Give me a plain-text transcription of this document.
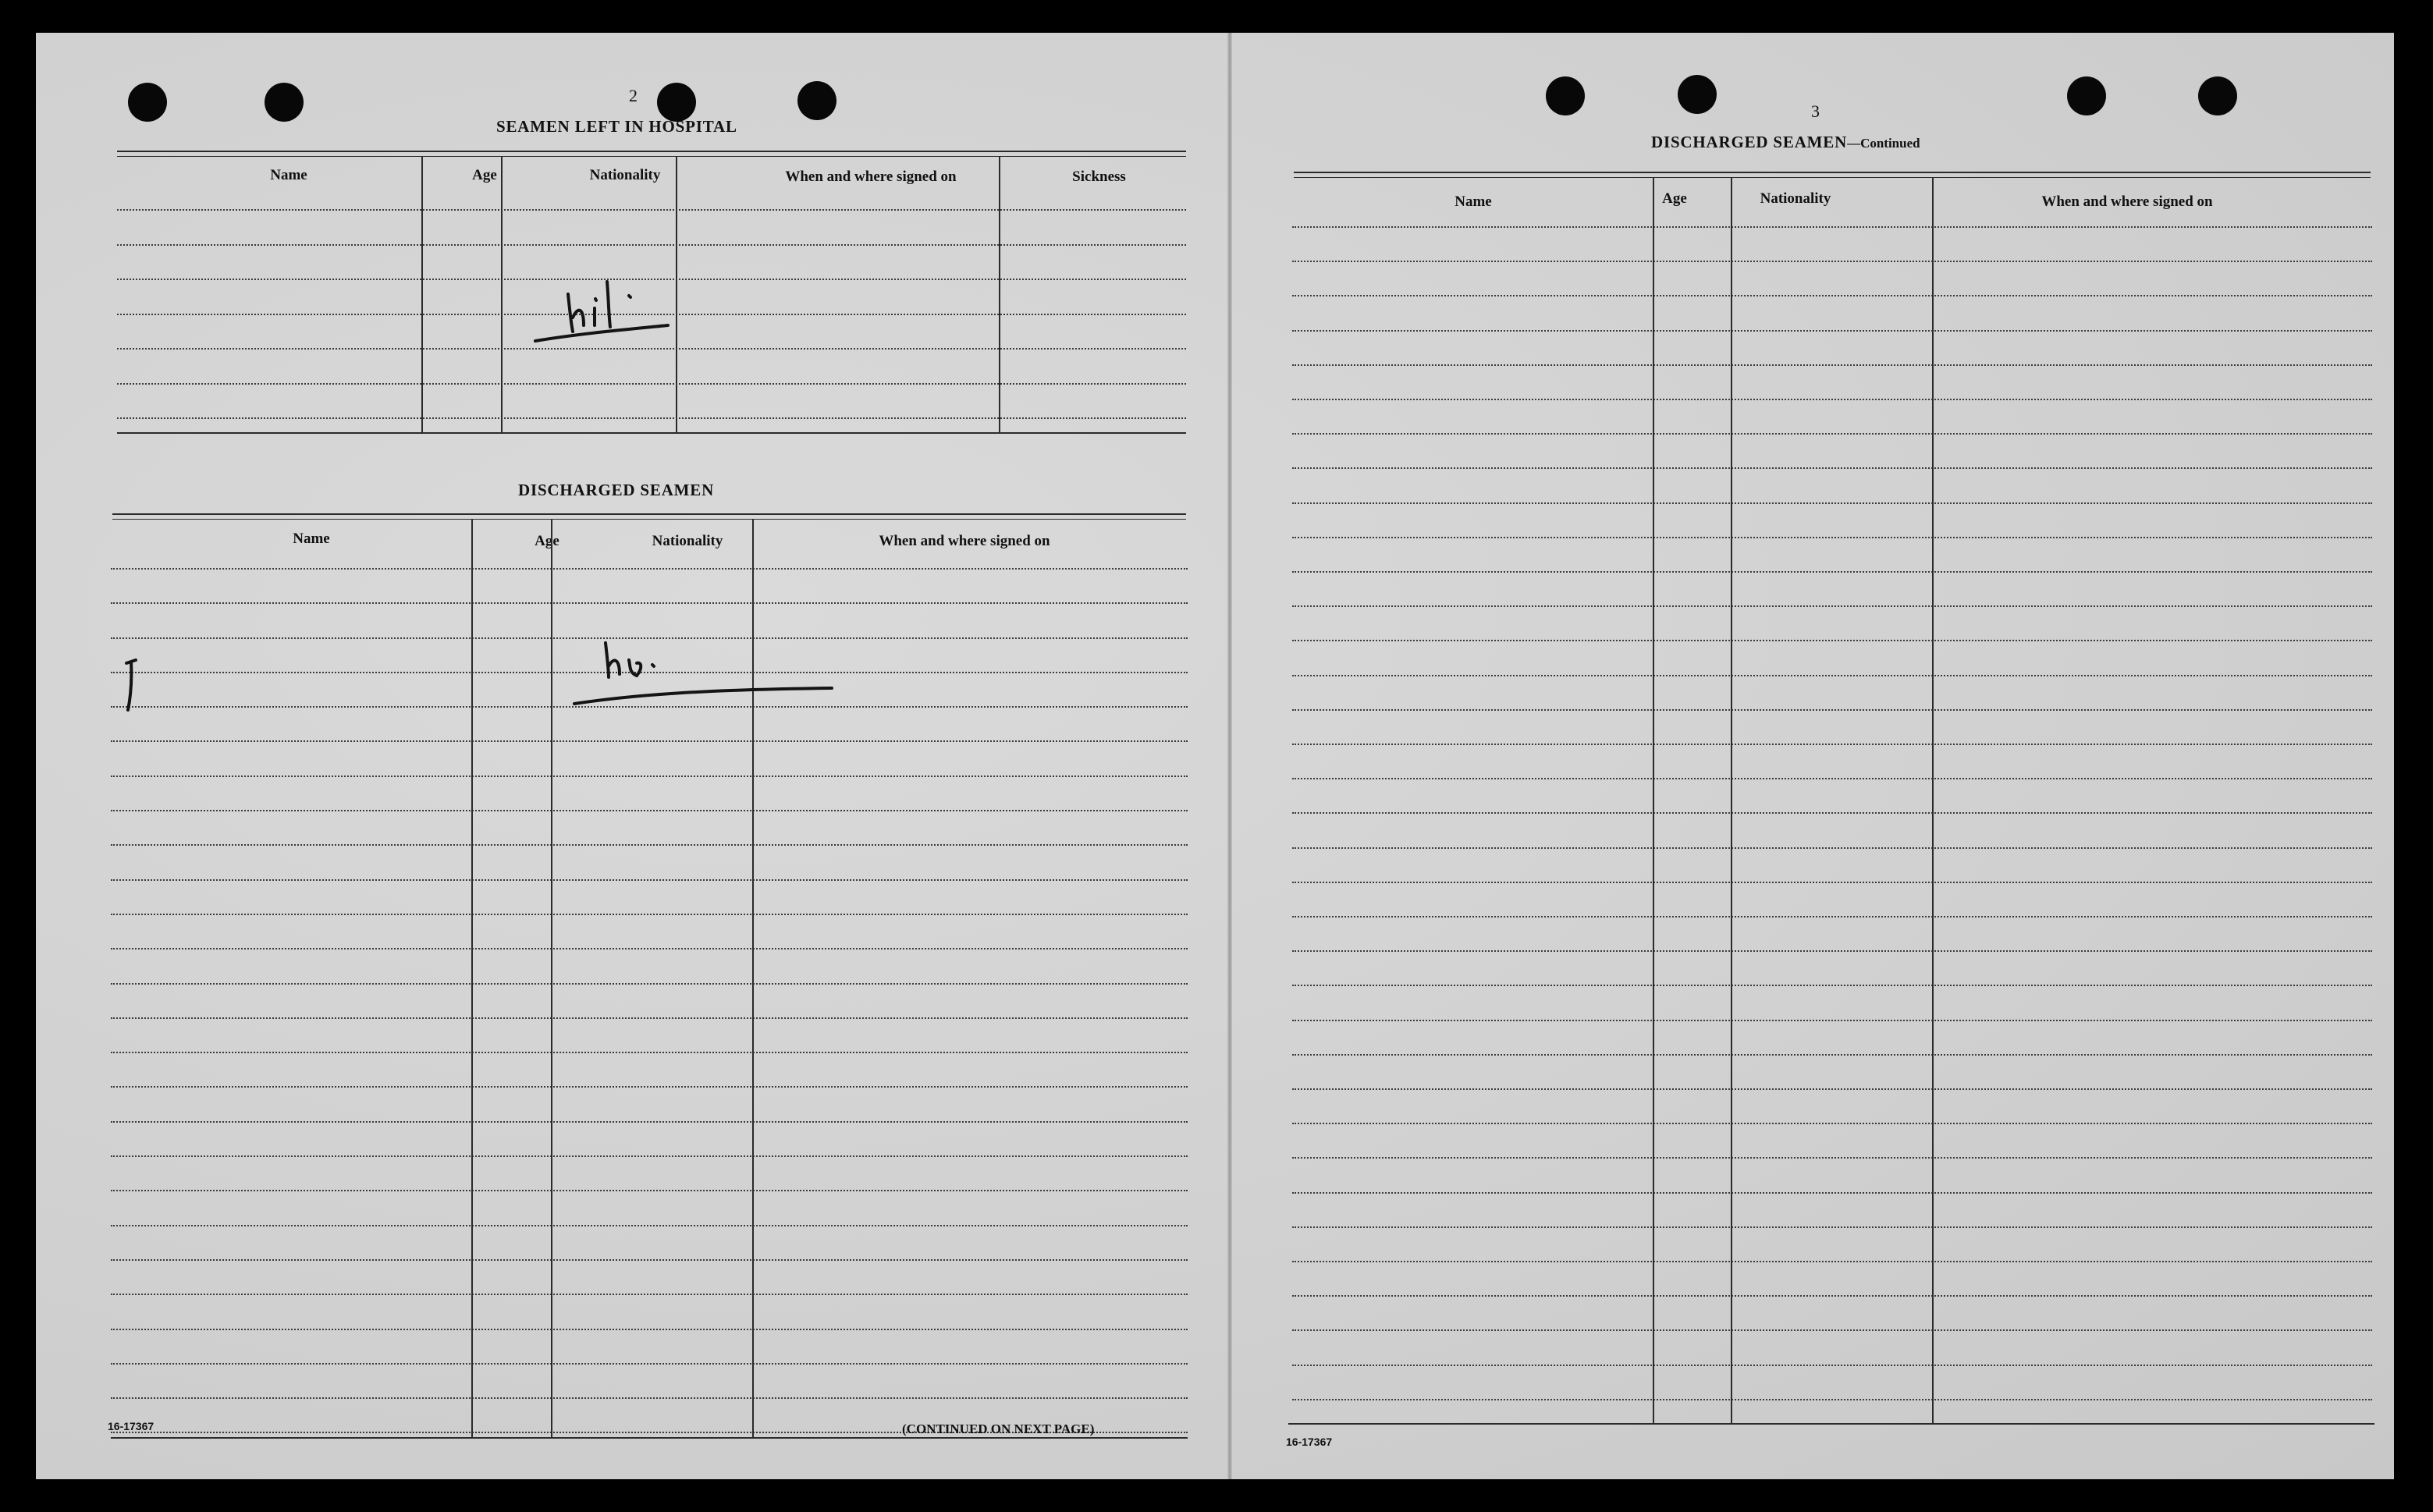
2
SEAMEN LEFT IN HOSPITAL
Name	Age	Nationality	When and where signed on	Sickness
Nil.
DISCHARGED SEAMEN
Name	Age	Nationality	When and where signed on
Nil.
16-17367	(CONTINUED ON NEXT PAGE)
3
DISCHARGED SEAMEN—Continued
Name	Age	Nationality	When and where signed on
16-17367
